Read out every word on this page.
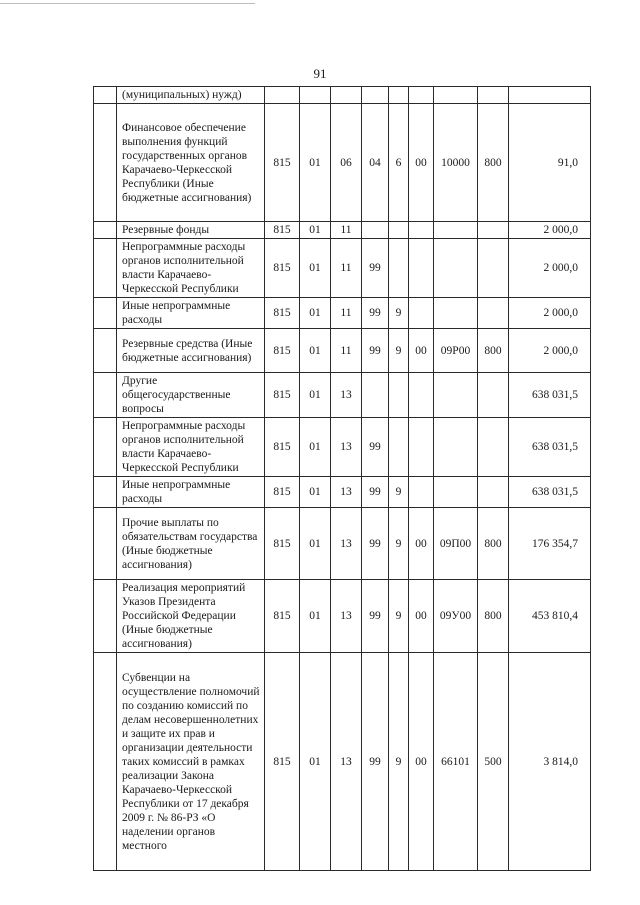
91
	(муниципальных) нужд)									
	Финансовое обеспечение выполнения функций государственных органов Карачаево-Черкесской Республики (Иные бюджетные ассигнования)	815	01	06	04	6	00	10000	800	91,0
	Резервные фонды	815	01	11						2 000,0
	Непрограммные расходы органов исполнительной власти Карачаево-Черкесской Республики	815	01	11	99					2 000,0
	Иные непрограммные расходы	815	01	11	99	9				2 000,0
	Резервные средства (Иные бюджетные ассигнования)	815	01	11	99	9	00	09Р00	800	2 000,0
	Другие общегосударственные вопросы	815	01	13						638 031,5
	Непрограммные расходы органов исполнительной власти Карачаево-Черкесской Республики	815	01	13	99					638 031,5
	Иные непрограммные расходы	815	01	13	99	9				638 031,5
	Прочие выплаты по обязательствам государства (Иные бюджетные ассигнования)	815	01	13	99	9	00	09П00	800	176 354,7
	Реализация мероприятий Указов Президента Российской Федерации (Иные бюджетные ассигнования)	815	01	13	99	9	00	09У00	800	453 810,4
	Субвенции на осуществление полномочий по созданию комиссий по делам несовершеннолетних и защите их прав и организации деятельности таких комиссий в рамках реализации Закона Карачаево-Черкесской Республики от 17 декабря 2009 г. № 86-РЗ «О наделении органов местного	815	01	13	99	9	00	66101	500	3 814,0
